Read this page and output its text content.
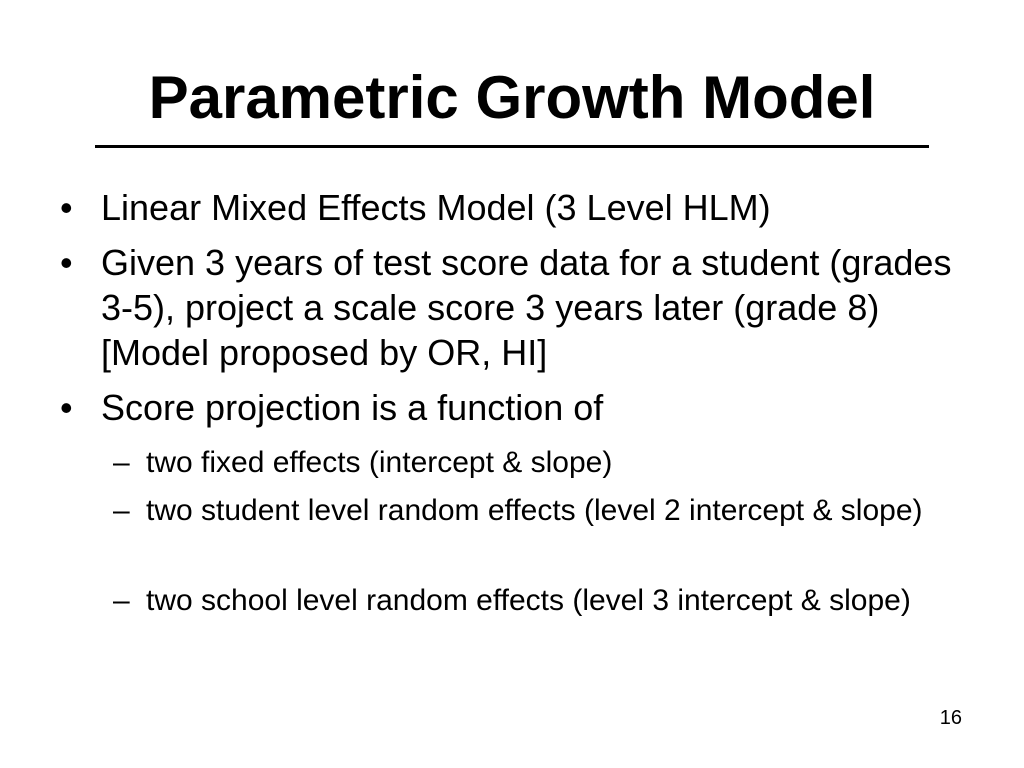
Parametric Growth Model
• Linear Mixed Effects Model (3 Level HLM)
• Given 3 years of test score data for a student (grades 3-5), project a scale score 3 years later (grade 8) [Model proposed by OR, HI]
• Score projection is a function of
– two fixed effects (intercept & slope)
– two student level random effects (level 2 intercept & slope)
– two school level random effects (level 3 intercept & slope)
16
